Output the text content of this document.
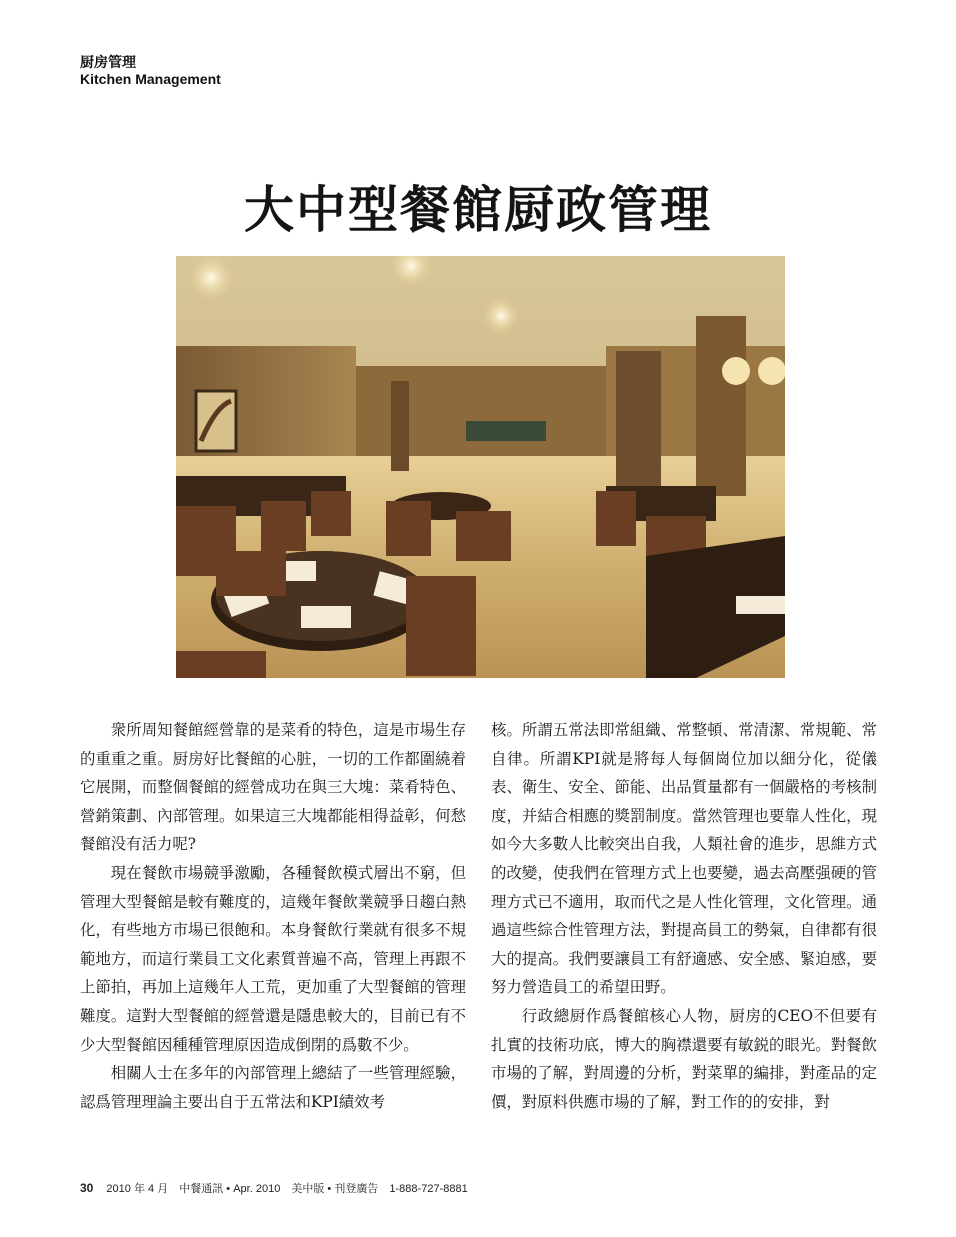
厨房管理
Kitchen Management
大中型餐館厨政管理

衆所周知餐館經營靠的是菜肴的特色，這是市場生存的重重之重。厨房好比餐館的心脏，一切的工作都圍繞着它展開，而整個餐館的經營成功在與三大塊：菜肴特色、營銷策劃、內部管理。如果這三大塊都能相得益彰，何愁餐館没有活力呢?

現在餐飲市場競爭激勵，各種餐飲模式層出不窮，但管理大型餐館是較有難度的，這幾年餐飲業競爭日趨白熱化，有些地方市場已很飽和。本身餐飲行業就有很多不規範地方，而這行業員工文化素質普遍不高，管理上再跟不上節拍，再加上這幾年人工荒，更加重了大型餐館的管理難度。這對大型餐館的經營還是隱患較大的，目前已有不少大型餐館因種種管理原因造成倒閉的爲數不少。

相關人士在多年的內部管理上總結了一些管理經驗，認爲管理理論主要出自于五常法和KPI績效考

核。所謂五常法即常組織、常整頓、常清潔、常規範、常自律。所謂KPI就是將每人每個崗位加以細分化，從儀表、衛生、安全、節能、出品質量都有一個嚴格的考核制度，并結合相應的獎罰制度。當然管理也要靠人性化，現如今大多數人比較突出自我，人類社會的進步，思維方式的改變，使我們在管理方式上也要變，過去高壓强硬的管理方式已不適用，取而代之是人性化管理，文化管理。通過這些綜合性管理方法，對提高員工的勢氣，自律都有很大的提高。我們要讓員工有舒適感、安全感、緊迫感，要努力營造員工的希望田野。

行政總厨作爲餐館核心人物，厨房的CEO不但要有扎實的技術功底，博大的胸襟還要有敏鋭的眼光。對餐飲市場的了解，對周邊的分析，對菜單的編排，對產品的定價，對原料供應市場的了解，對工作的的安排，對

30 2010 年 4 月 中餐通訊 • Apr. 2010 美中版 • 刊登廣告 1-888-727-8881
